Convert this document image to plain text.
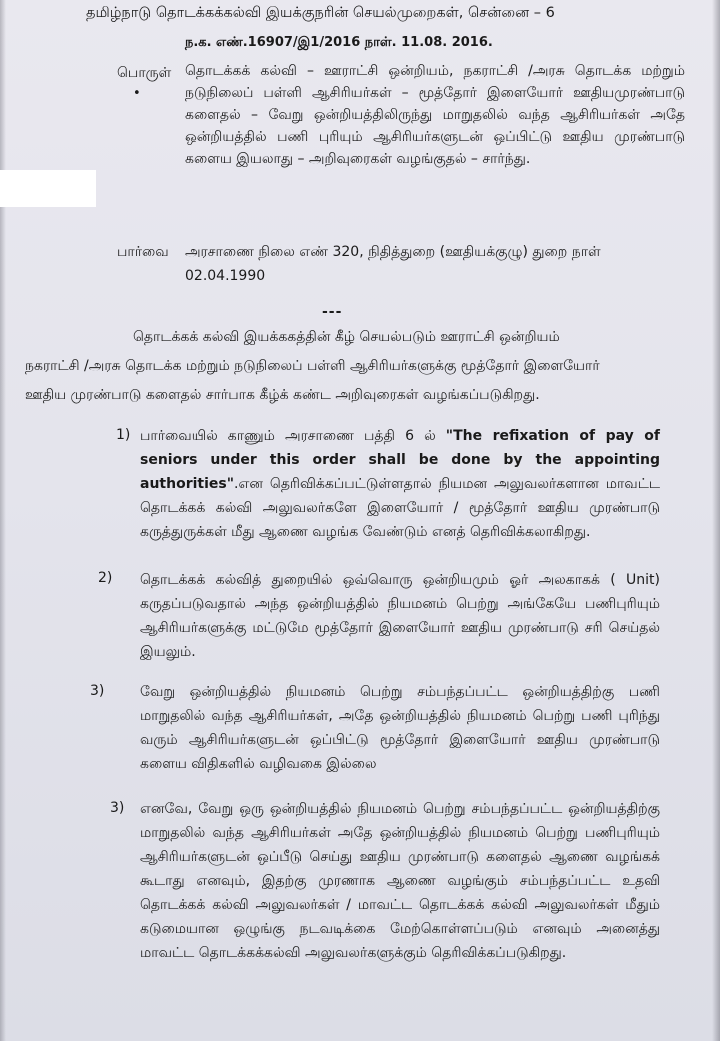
தமிழ்நாடு தொடக்கக்கல்வி இயக்குநரின் செயல்முறைகள், சென்னை – 6
ந.க. எண்.16907/இ1/2016 நாள். 11.08. 2016.
பொருள்
•
தொடக்கக் கல்வி – ஊராட்சி ஒன்றியம், நகராட்சி /அரசு தொடக்க மற்றும் நடுநிலைப் பள்ளி ஆசிரியர்கள் – மூத்தோர் இளையோர் ஊதியமுரண்பாடு களைதல் – வேறு ஒன்றியத்திலிருந்து மாறுதலில் வந்த ஆசிரியர்கள் அதே ஒன்றியத்தில் பணி புரியும் ஆசிரியர்களுடன் ஒப்பிட்டு ஊதிய முரண்பாடு களைய இயலாது – அறிவுரைகள் வழங்குதல் – சார்ந்து.
பார்வை அரசாணை நிலை எண் 320, நிதித்துறை (ஊதியக்குழு) துறை நாள் 02.04.1990
---
தொடக்கக் கல்வி இயக்ககத்தின் கீழ் செயல்படும் ஊராட்சி ஒன்றியம்
நகராட்சி /அரசு தொடக்க மற்றும் நடுநிலைப் பள்ளி ஆசிரியர்களுக்கு மூத்தோர் இளையோர்
ஊதிய முரண்பாடு களைதல் சார்பாக கீழ்க் கண்ட அறிவுரைகள் வழங்கப்படுகிறது.
1) பார்வையில் காணும் அரசாணை பத்தி 6 ல் "The refixation of pay of seniors under this order shall be done by the appointing authorities".என தெரிவிக்கப்பட்டுள்ளதால் நியமன அலுவலர்களான மாவட்ட தொடக்கக் கல்வி அலுவலர்களே இளையோர் / மூத்தோர் ஊதிய முரண்பாடு கருத்துருக்கள் மீது ஆணை வழங்க வேண்டும் எனத் தெரிவிக்கலாகிறது.
2) தொடக்கக் கல்வித் துறையில் ஒவ்வொரு ஒன்றியமும் ஓர் அலகாகக் ( Unit) கருதப்படுவதால் அந்த ஒன்றியத்தில் நியமனம் பெற்று அங்கேயே பணிபுரியும் ஆசிரியர்களுக்கு மட்டுமே மூத்தோர் இளையோர் ஊதிய முரண்பாடு சரி செய்தல் இயலும்.
3)	வேறு ஒன்றியத்தில் நியமனம் பெற்று சம்பந்தப்பட்ட ஒன்றியத்திற்கு பணி மாறுதலில் வந்த ஆசிரியர்கள், அதே ஒன்றியத்தில் நியமனம் பெற்று பணி புரிந்து வரும் ஆசிரியர்களுடன் ஒப்பிட்டு மூத்தோர் இளையோர் ஊதிய முரண்பாடு களைய விதிகளில் வழிவகை இல்லை
3) எனவே, வேறு ஒரு ஒன்றியத்தில் நியமனம் பெற்று சம்பந்தப்பட்ட ஒன்றியத்திற்கு மாறுதலில் வந்த ஆசிரியர்கள் அதே ஒன்றியத்தில் நியமனம் பெற்று பணிபுரியும் ஆசிரியர்களுடன் ஒப்பீடு செய்து ஊதிய முரண்பாடு களைதல் ஆணை வழங்கக் கூடாது எனவும், இதற்கு முரணாக ஆணை வழங்கும் சம்பந்தப்பட்ட உதவி தொடக்கக் கல்வி அலுவலர்கள் / மாவட்ட தொடக்கக் கல்வி அலுவலர்கள் மீதும் கடுமையான ஒழுங்கு நடவடிக்கை மேற்கொள்ளப்படும் எனவும் அனைத்து மாவட்ட தொடக்கக்கல்வி அலுவலர்களுக்கும் தெரிவிக்கப்படுகிறது.
